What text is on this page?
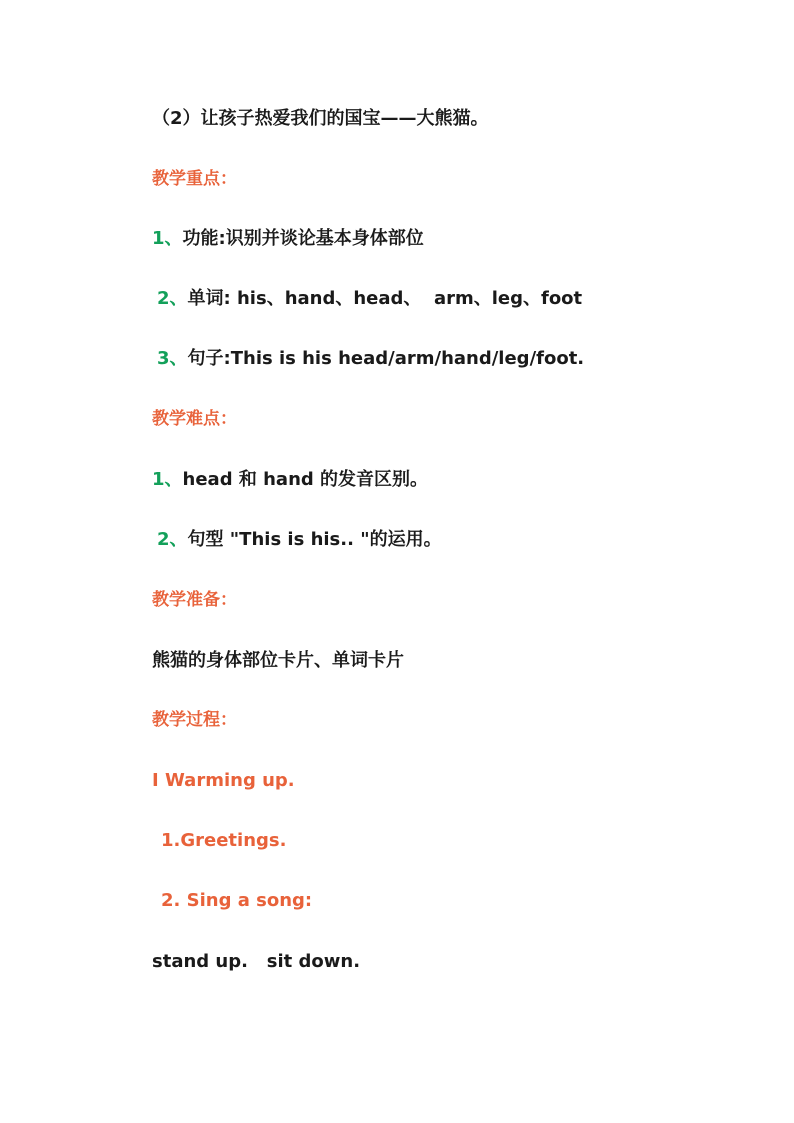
（2）让孩子热爱我们的国宝——大熊猫。

教学重点：

1、功能:识别并谈论基本身体部位

2、单词: his、hand、head、  arm、leg、foot

3、句子:This is his head/arm/hand/leg/foot.

教学难点：

1、head 和 hand 的发音区别。

2、句型 "This is his.. "的运用。

教学准备：

熊猫的身体部位卡片、单词卡片

教学过程：

I Warming up.

1.Greetings.

2. Sing a song:

stand up.   sit down.
